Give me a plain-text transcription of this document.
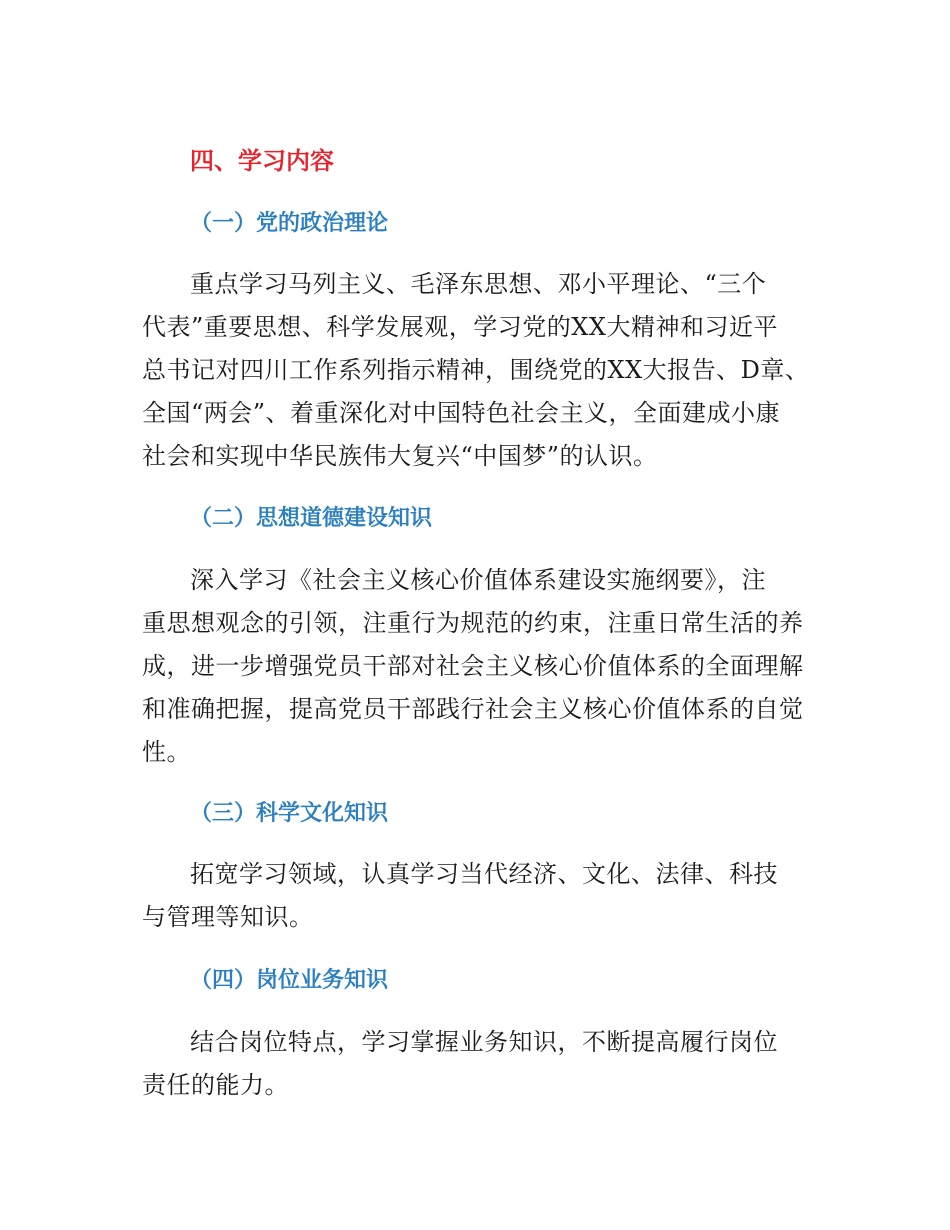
四、学习内容
（一）党的政治理论

重点学习马列主义、毛泽东思想、邓小平理论、“三个
代表”重要思想、科学发展观，学习党的XX大精神和习近平
总书记对四川工作系列指示精神，围绕党的XX大报告、D章、
全国“两会”、着重深化对中国特色社会主义，全面建成小康
社会和实现中华民族伟大复兴“中国梦”的认识。

（二）思想道德建设知识

深入学习《社会主义核心价值体系建设实施纲要》，注
重思想观念的引领，注重行为规范的约束，注重日常生活的养
成，进一步增强党员干部对社会主义核心价值体系的全面理解
和准确把握，提高党员干部践行社会主义核心价值体系的自觉
性。

（三）科学文化知识

拓宽学习领域，认真学习当代经济、文化、法律、科技
与管理等知识。

（四）岗位业务知识

结合岗位特点，学习掌握业务知识，不断提高履行岗位
责任的能力。
